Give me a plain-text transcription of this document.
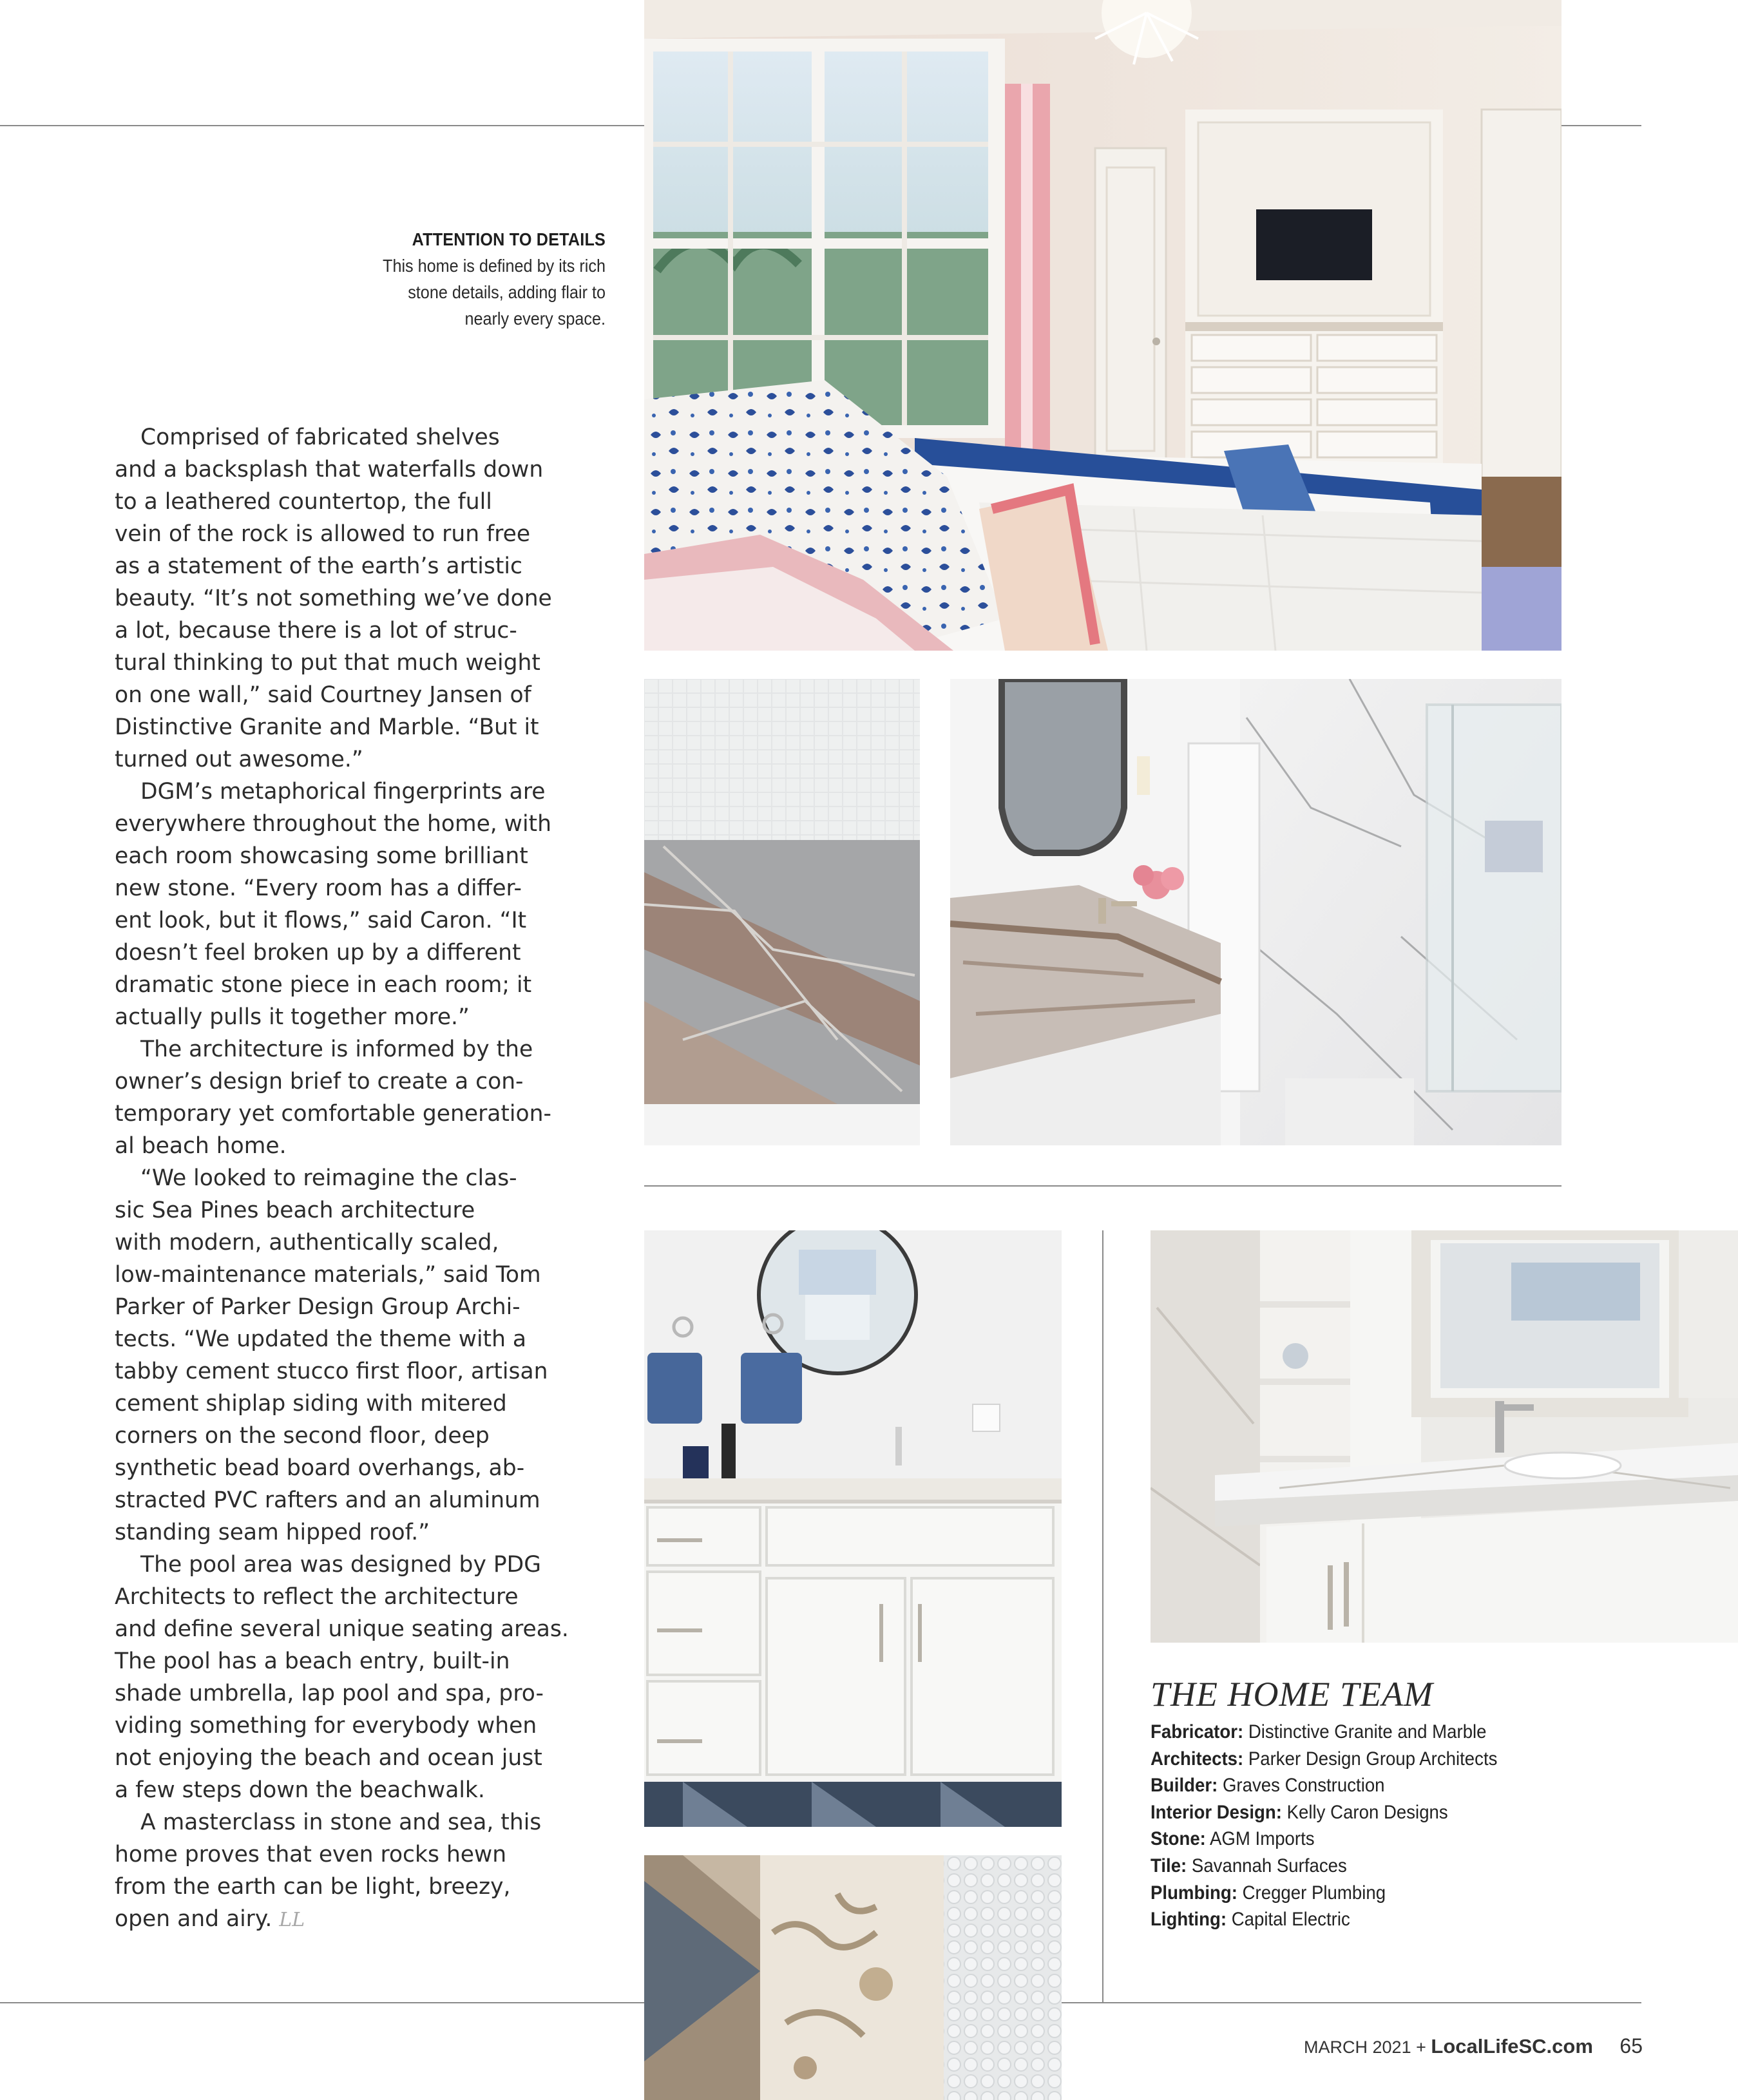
ATTENTION TO DETAILS
This home is defined by its rich
stone details, adding flair to
nearly every space.
Comprised of fabricated shelves
and a backsplash that waterfalls down
to a leathered countertop, the full
vein of the rock is allowed to run free
as a statement of the earth’s artistic
beauty. “It’s not something we’ve done
a lot, because there is a lot of struc-
tural thinking to put that much weight
on one wall,” said Courtney Jansen of
Distinctive Granite and Marble. “But it
turned out awesome.”
DGM’s metaphorical fingerprints are
everywhere throughout the home, with
each room showcasing some brilliant
new stone. “Every room has a differ-
ent look, but it flows,” said Caron. “It
doesn’t feel broken up by a different
dramatic stone piece in each room; it
actually pulls it together more.”
The architecture is informed by the
owner’s design brief to create a con-
temporary yet comfortable generation-
al beach home.
“We looked to reimagine the clas-
sic Sea Pines beach architecture
with modern, authentically scaled,
low-maintenance materials,” said Tom
Parker of Parker Design Group Archi-
tects. “We updated the theme with a
tabby cement stucco first floor, artisan
cement shiplap siding with mitered
corners on the second floor, deep
synthetic bead board overhangs, ab-
stracted PVC rafters and an aluminum
standing seam hipped roof.”
The pool area was designed by PDG
Architects to reflect the architecture
and define several unique seating areas.
The pool has a beach entry, built-in
shade umbrella, lap pool and spa, pro-
viding something for everybody when
not enjoying the beach and ocean just
a few steps down the beachwalk.
A masterclass in stone and sea, this
home proves that even rocks hewn
from the earth can be light, breezy,
open and airy. LL
THE HOME TEAM
Fabricator: Distinctive Granite and Marble
Architects: Parker Design Group Architects
Builder: Graves Construction
Interior Design: Kelly Caron Designs
Stone: AGM Imports
Tile: Savannah Surfaces
Plumbing: Cregger Plumbing
Lighting: Capital Electric
MARCH 2021 + LocalLifeSC.com 65
